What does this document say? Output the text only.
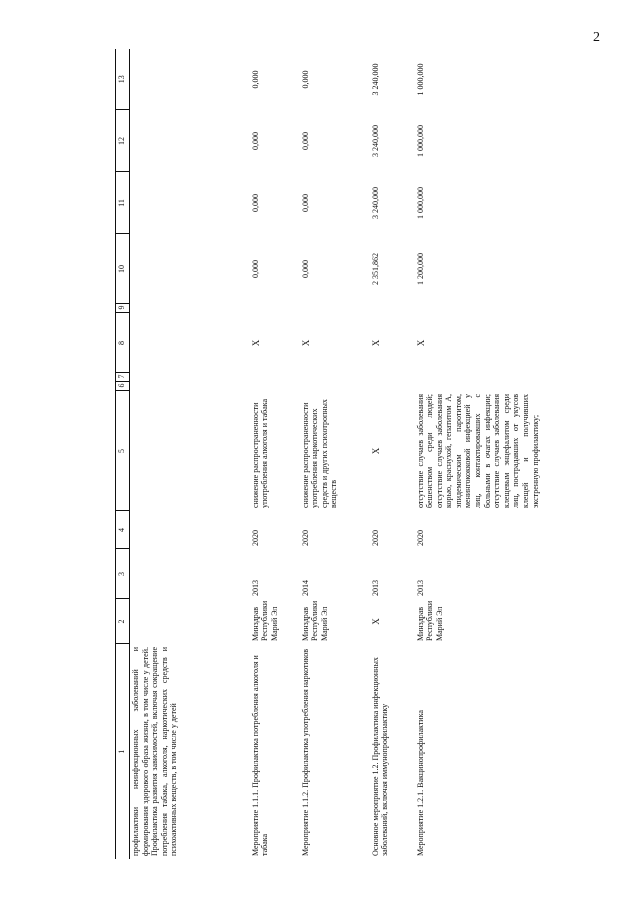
2
1	2	3	4	5	6	7	8	9	10	11	12	13
профилактики неинфекционных заболеваний и формирования здорового образа жизни, в том числе у детей. Профилактика развития зависимостей, включая сокращение потребления табака, алкоголя, наркотических средств и психоактивных веществ, в том числе у детей												
Мероприятие 1.1.1. Профилактика потребления алкоголя и табака	Минздрав Республики Марий Эл	2013	2020	снижение распространенности употребления алкоголя и табака			Х		0,000	0,000	0,000	0,000
Мероприятие 1.1.2. Профилактика употребления наркотиков	Минздрав Республики Марий Эл	2014	2020	снижение распространенности употребления наркотических средств и других психотропных веществ			Х		0,000	0,000	0,000	0,000
Основное мероприятие 1.2. Профилактика инфекционных заболеваний, включая иммунопрофилактику	Х	2013	2020	Х			Х		2 351,862	3 240,000	3 240,000	3 240,000
Мероприятие 1.2.1. Вакцинопрофилактика	Минздрав Республики Марий Эл	2013	2020	отсутствие случаев заболевания бешенством среди людей; отсутствие случаев заболевания корью, краснухой, гепатитом А, эпидемическим паротитом, менингококковой инфекцией у лиц, контактировавших с больными в очагах инфекции; отсутствие случаев заболевания клещевым энцефалитом среди лиц, пострадавших от укусов клещей и получивших экстренную профилактику;			Х		1 200,000	1 000,000	1 000,000	1 000,000
